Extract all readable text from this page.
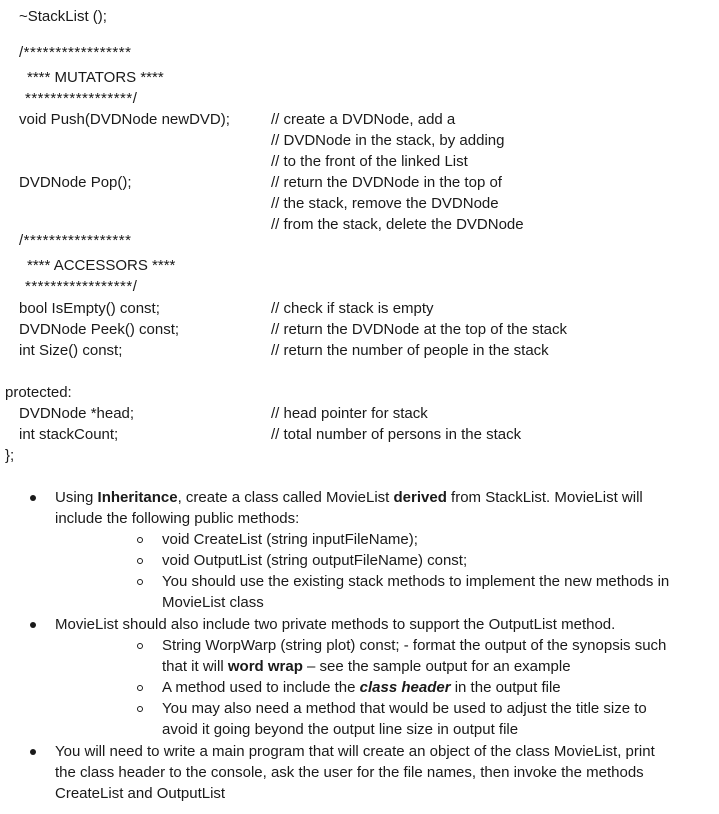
~StackList ();
/*****************
**** MUTATORS ****
*****************/
void Push(DVDNode newDVD);	// create a DVDNode, add a
// DVDNode in the stack, by adding
// to the front of the linked List
DVDNode Pop();	// return the DVDNode in the top of
// the stack, remove the DVDNode
// from the stack, delete the DVDNode
/*****************
**** ACCESSORS ****
*****************/
bool IsEmpty() const;	// check if stack is empty
DVDNode Peek() const;	// return the DVDNode at the top of the stack
int Size() const;	// return the number of people in the stack
protected:
DVDNode *head;	// head pointer for stack
int stackCount;	// total number of persons in the stack
};
Using Inheritance, create a class called MovieList derived from StackList. MovieList will
include the following public methods:
void CreateList (string inputFileName);
void OutputList (string outputFileName) const;
You should use the existing stack methods to implement the new methods in
MovieList class
MovieList should also include two private methods to support the OutputList method.
String WorpWarp (string plot) const; - format the output of the synopsis such
that it will word wrap – see the sample output for an example
A method used to include the class header in the output file
You may also need a method that would be used to adjust the title size to
avoid it going beyond the output line size in output file
You will need to write a main program that will create an object of the class MovieList, print
the class header to the console, ask the user for the file names, then invoke the methods
CreateList and OutputList
